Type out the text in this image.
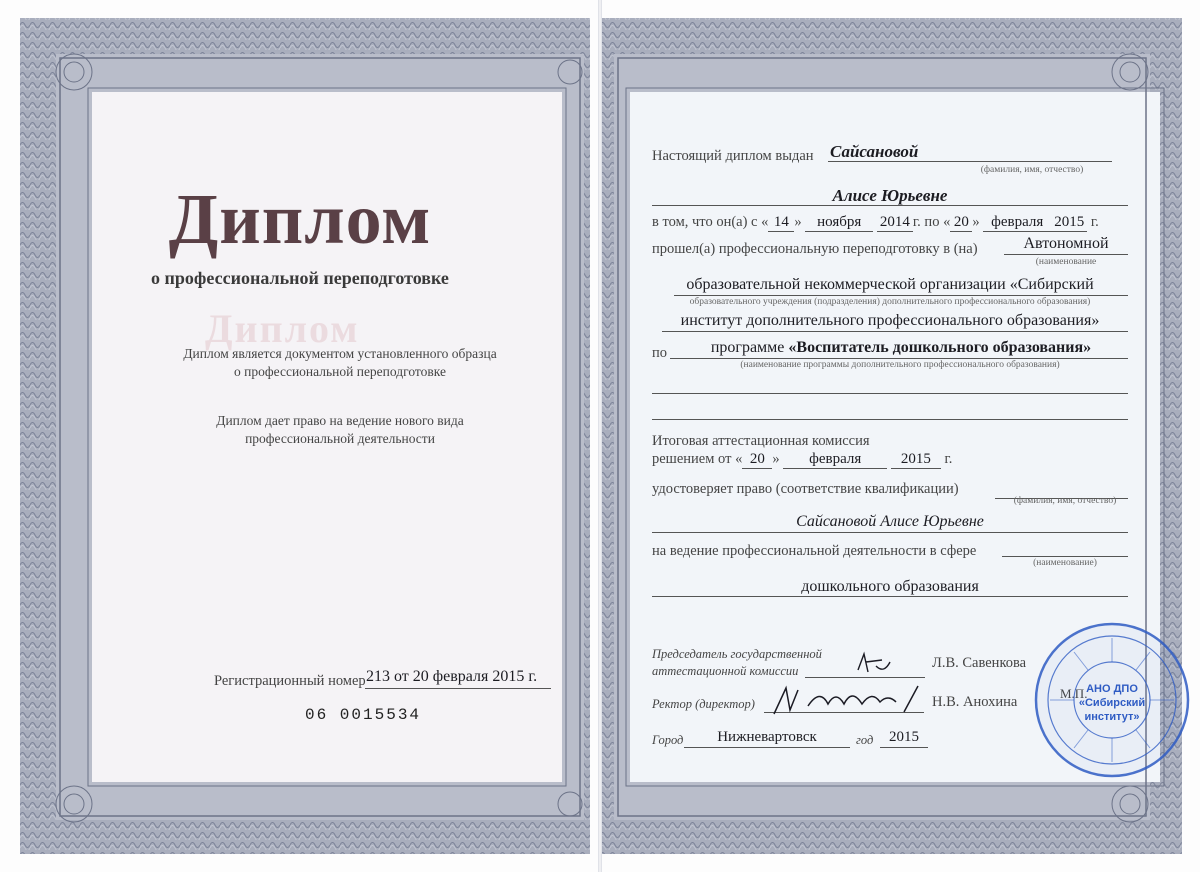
Диплом
Диплом
о профессиональной переподготовке
Диплом является документом установленного образца
о профессиональной переподготовке
Диплом дает право на ведение нового вида
профессиональной деятельности
Регистрационный номер 213 от 20 февраля 2015 г.
06 0015534
Настоящий диплом выдан Сайсановой
(фамилия, имя, отчество)
Алисе Юрьевне
в том, что он(а) с « 14 » ноября 2014 г. по « 20 » февраля 2015 г.
прошел(а) профессиональную переподготовку в (на)	Автономной
(наименование
образовательной некоммерческой организации «Сибирский
образовательного учреждения (подразделения) дополнительного профессионального образования)
институт дополнительного профессионального образования»
по	программе «Воспитатель дошкольного образования»
(наименование программы дополнительного профессионального образования)
Итоговая аттестационная комиссия
решением от « 20 » февраля	2015 г.
удостоверяет право (соответствие квалификации)
(фамилия, имя, отчество)
Сайсановой Алисе Юрьевне
на ведение профессиональной деятельности в сфере
(наименование)
дошкольного образования
Председатель государственной
аттестационной комиссии	Л.В. Савенкова
Ректор (директор)	Н.В. Анохина
Город	Нижневартовск	год	2015
АНО ДПО
«Сибирский
институт»
